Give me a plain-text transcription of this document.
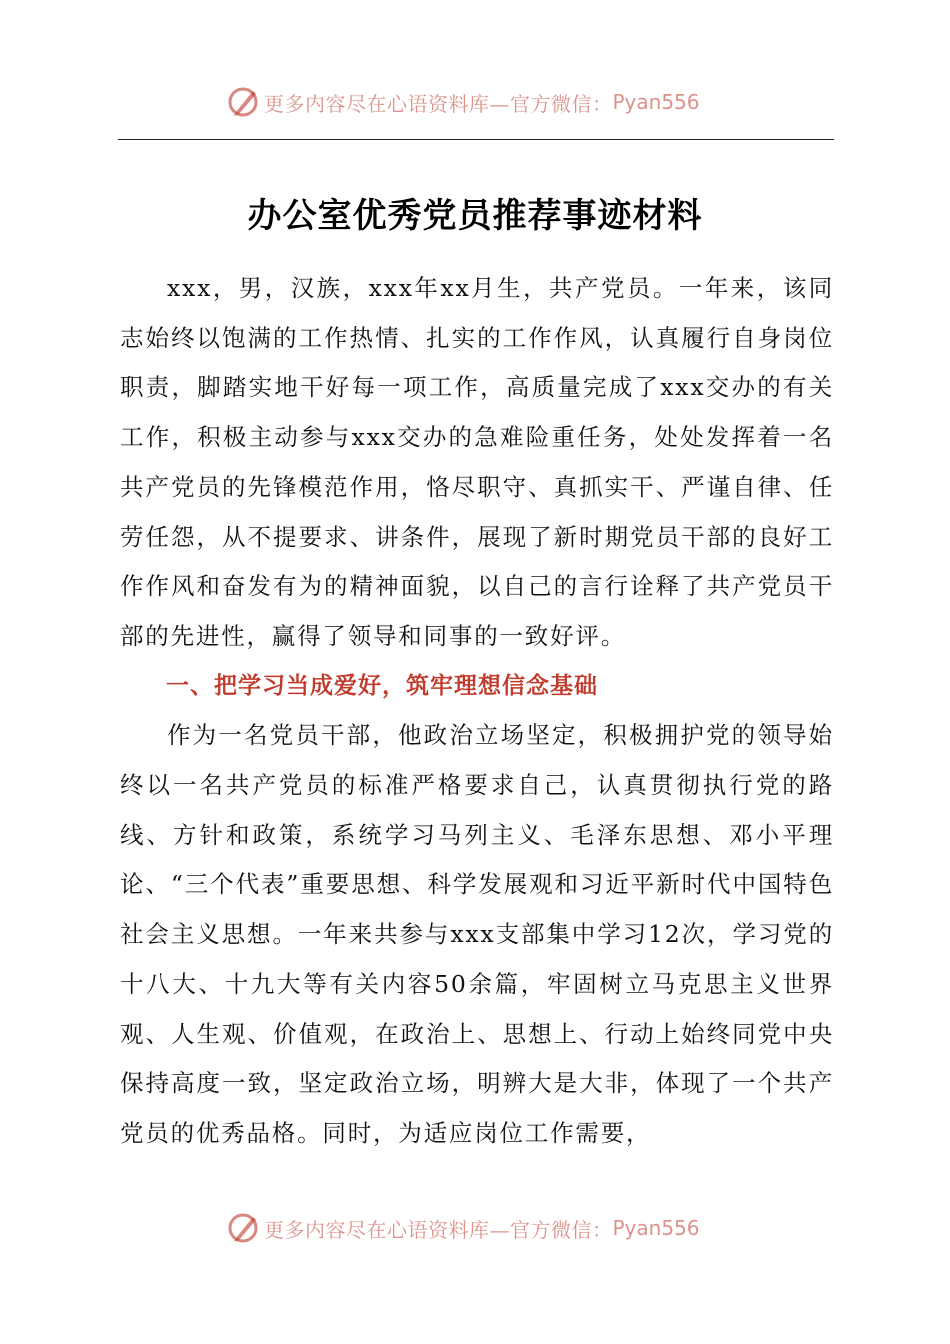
更多内容尽在心语资料库—官方微信： Pyan556
办公室优秀党员推荐事迹材料

xxx，男，汉族，xxx年xx月生，共产党员。一年来，该同志始终以饱满的工作热情、扎实的工作作风，认真履行自身岗位职责，脚踏实地干好每一项工作，高质量完成了xxx交办的有关工作，积极主动参与xxx交办的急难险重任务，处处发挥着一名共产党员的先锋模范作用，恪尽职守、真抓实干、严谨自律、任劳任怨，从不提要求、讲条件，展现了新时期党员干部的良好工作作风和奋发有为的精神面貌，以自己的言行诠释了共产党员干部的先进性，赢得了领导和同事的一致好评。

一、把学习当成爱好，筑牢理想信念基础

作为一名党员干部，他政治立场坚定，积极拥护党的领导始终以一名共产党员的标准严格要求自己，认真贯彻执行党的路线、方针和政策，系统学习马列主义、毛泽东思想、邓小平理论、“三个代表”重要思想、科学发展观和习近平新时代中国特色社会主义思想。一年来共参与xxx支部集中学习12次，学习党的十八大、十九大等有关内容50余篇，牢固树立马克思主义世界观、人生观、价值观，在政治上、思想上、行动上始终同党中央保持高度一致，坚定政治立场，明辨大是大非，体现了一个共产党员的优秀品格。同时，为适应岗位工作需要，

更多内容尽在心语资料库—官方微信： Pyan556
